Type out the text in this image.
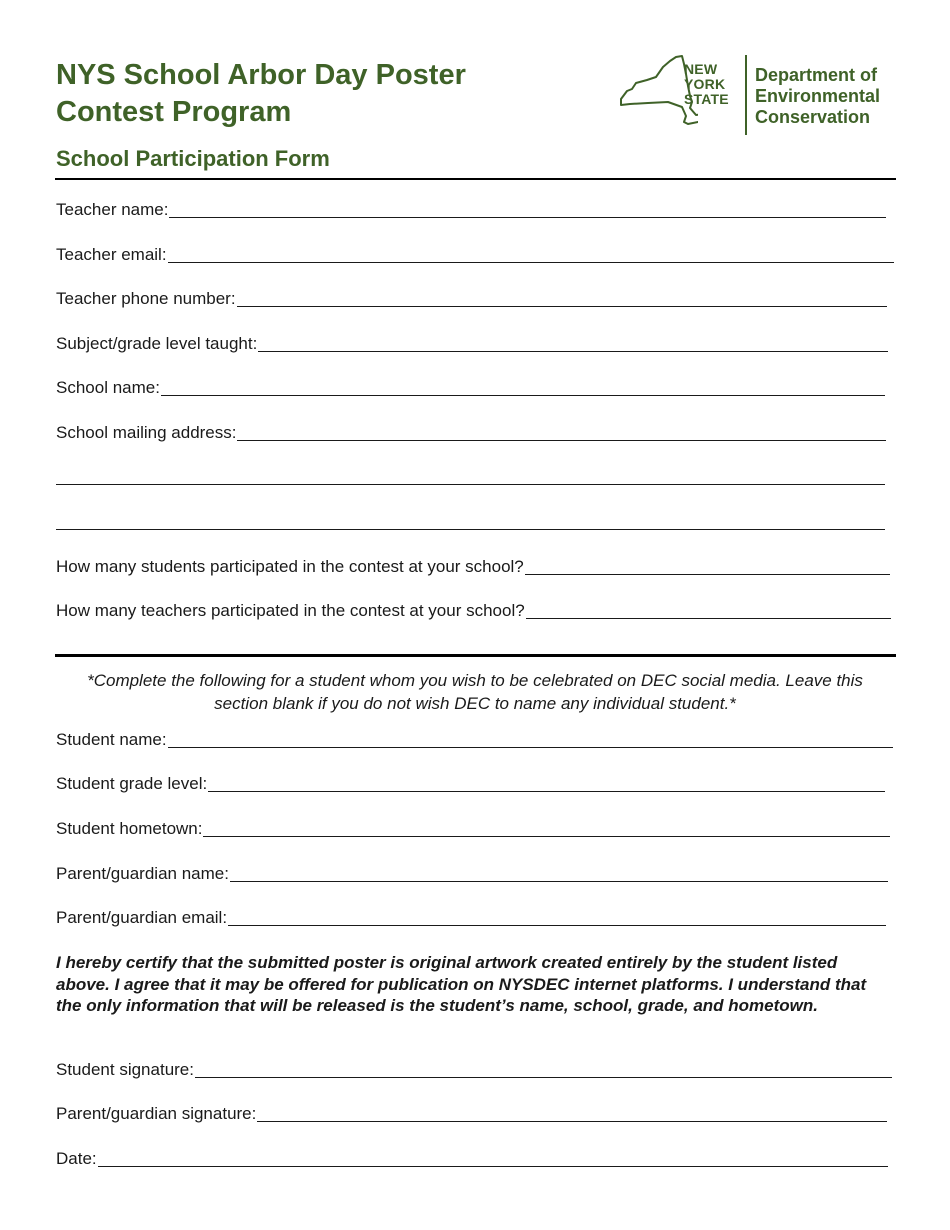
NYS School Arbor Day Poster
Contest Program
NEW
YORK
STATE
Department of
Environmental
Conservation
School Participation Form
Teacher name:
Teacher email:
Teacher phone number:
Subject/grade level taught:
School name:
School mailing address:
How many students participated in the contest at your school?
How many teachers participated in the contest at your school?

*Complete the following for a student whom you wish to be celebrated on DEC social media. Leave this section blank if you do not wish DEC to name any individual student.*

Student name:
Student grade level:
Student hometown:
Parent/guardian name:
Parent/guardian email:

I hereby certify that the submitted poster is original artwork created entirely by the student listed above. I agree that it may be offered for publication on NYSDEC internet platforms. I understand that the only information that will be released is the student’s name, school, grade, and hometown.

Student signature:
Parent/guardian signature:
Date:
